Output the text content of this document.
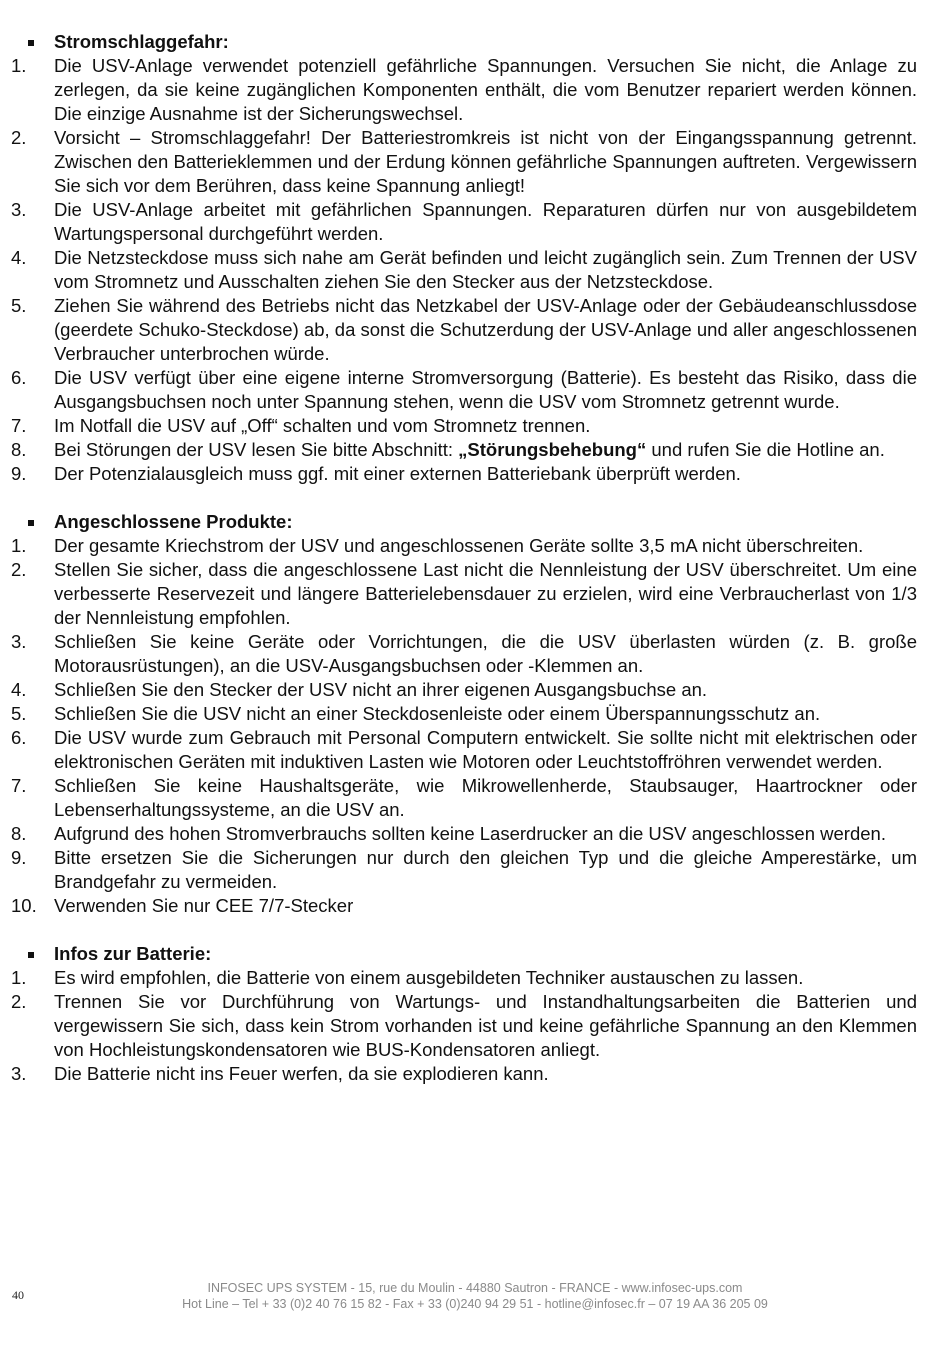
Stromschlaggefahr:
1. Die USV-Anlage verwendet potenziell gefährliche Spannungen. Versuchen Sie nicht, die Anlage zu zerlegen, da sie keine zugänglichen Komponenten enthält, die vom Benutzer repariert werden können. Die einzige Ausnahme ist der Sicherungswechsel.
2. Vorsicht – Stromschlaggefahr! Der Batteriestromkreis ist nicht von der Eingangsspannung getrennt. Zwischen den Batterieklemmen und der Erdung können gefährliche Spannungen auftreten. Vergewissern Sie sich vor dem Berühren, dass keine Spannung anliegt!
3. Die USV-Anlage arbeitet mit gefährlichen Spannungen. Reparaturen dürfen nur von ausgebildetem Wartungspersonal durchgeführt werden.
4. Die Netzsteckdose muss sich nahe am Gerät befinden und leicht zugänglich sein. Zum Trennen der USV vom Stromnetz und Ausschalten ziehen Sie den Stecker aus der Netzsteckdose.
5. Ziehen Sie während des Betriebs nicht das Netzkabel der USV-Anlage oder der Gebäudeanschlussdose (geerdete Schuko-Steckdose) ab, da sonst die Schutzerdung der USV-Anlage und aller angeschlossenen Verbraucher unterbrochen würde.
6. Die USV verfügt über eine eigene interne Stromversorgung (Batterie). Es besteht das Risiko, dass die Ausgangsbuchsen noch unter Spannung stehen, wenn die USV vom Stromnetz getrennt wurde.
7. Im Notfall die USV auf „Off“ schalten und vom Stromnetz trennen.
8. Bei Störungen der USV lesen Sie bitte Abschnitt: „Störungsbehebung“ und rufen Sie die Hotline an.
9. Der Potenzialausgleich muss ggf. mit einer externen Batteriebank überprüft werden.
Angeschlossene Produkte:
1. Der gesamte Kriechstrom der USV und angeschlossenen Geräte sollte 3,5 mA nicht überschreiten.
2. Stellen Sie sicher, dass die angeschlossene Last nicht die Nennleistung der USV überschreitet. Um eine verbesserte Reservezeit und längere Batterielebensdauer zu erzielen, wird eine Verbraucherlast von 1/3 der Nennleistung empfohlen.
3. Schließen Sie keine Geräte oder Vorrichtungen, die die USV überlasten würden (z. B. große Motorausrüstungen), an die USV-Ausgangsbuchsen oder -Klemmen an.
4. Schließen Sie den Stecker der USV nicht an ihrer eigenen Ausgangsbuchse an.
5. Schließen Sie die USV nicht an einer Steckdosenleiste oder einem Überspannungsschutz an.
6. Die USV wurde zum Gebrauch mit Personal Computern entwickelt. Sie sollte nicht mit elektrischen oder elektronischen Geräten mit induktiven Lasten wie Motoren oder Leuchtstoffröhren verwendet werden.
7. Schließen Sie keine Haushaltsgeräte, wie Mikrowellenherde, Staubsauger, Haartrockner oder Lebenserhaltungssysteme, an die USV an.
8. Aufgrund des hohen Stromverbrauchs sollten keine Laserdrucker an die USV angeschlossen werden.
9. Bitte ersetzen Sie die Sicherungen nur durch den gleichen Typ und die gleiche Amperestärke, um Brandgefahr zu vermeiden.
10. Verwenden Sie nur CEE 7/7-Stecker
Infos zur Batterie:
1. Es wird empfohlen, die Batterie von einem ausgebildeten Techniker austauschen zu lassen.
2. Trennen Sie vor Durchführung von Wartungs- und Instandhaltungsarbeiten die Batterien und vergewissern Sie sich, dass kein Strom vorhanden ist und keine gefährliche Spannung an den Klemmen von Hochleistungskondensatoren wie BUS-Kondensatoren anliegt.
3. Die Batterie nicht ins Feuer werfen, da sie explodieren kann.
40	INFOSEC UPS SYSTEM - 15, rue du Moulin - 44880 Sautron - FRANCE - www.infosec-ups.com
Hot Line – Tel + 33 (0)2 40 76 15 82 - Fax + 33 (0)240 94 29 51 - hotline@infosec.fr – 07 19 AA 36 205 09
